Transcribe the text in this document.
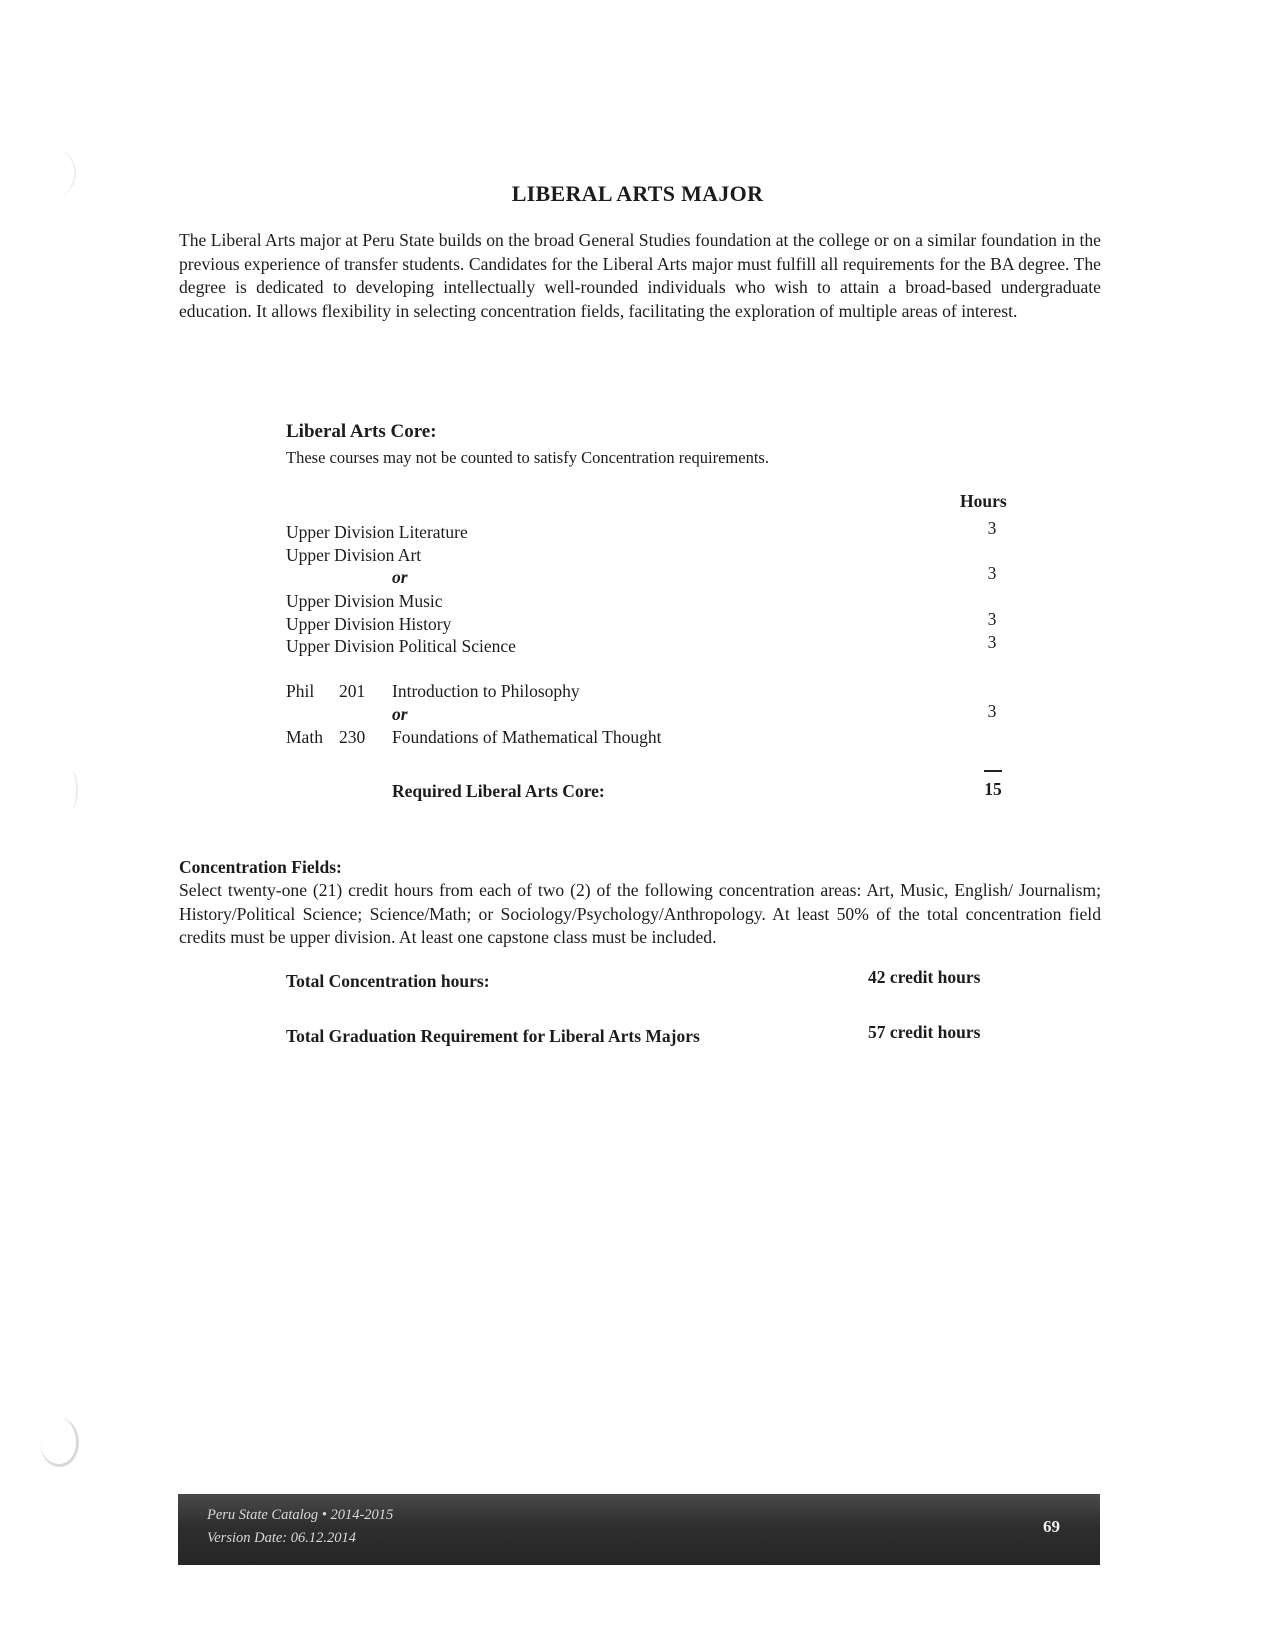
LIBERAL ARTS MAJOR
The Liberal Arts major at Peru State builds on the broad General Studies foundation at the college or on a similar foundation in the previous experience of transfer students. Candidates for the Liberal Arts major must fulfill all requirements for the BA degree. The degree is dedicated to developing intellectually well-rounded individuals who wish to attain a broad-based undergraduate education. It allows flexibility in selecting concentration fields, facilitating the exploration of multiple areas of interest.
Liberal Arts Core:
These courses may not be counted to satisfy Concentration requirements.
Hours
Upper Division Literature	3
Upper Division Art
or	3
Upper Division Music
Upper Division History	3
Upper Division Political Science	3
Phil 201 Introduction to Philosophy
or	3
Math 230 Foundations of Mathematical Thought
Required Liberal Arts Core:	15
Concentration Fields:
Select twenty-one (21) credit hours from each of two (2) of the following concentration areas: Art, Music, English/ Journalism; History/Political Science; Science/Math; or Sociology/Psychology/Anthropology. At least 50% of the total concentration field credits must be upper division. At least one capstone class must be included.
Total Concentration hours:	42 credit hours
Total Graduation Requirement for Liberal Arts Majors	57 credit hours
Peru State Catalog • 2014-2015
Version Date: 06.12.2014
69
